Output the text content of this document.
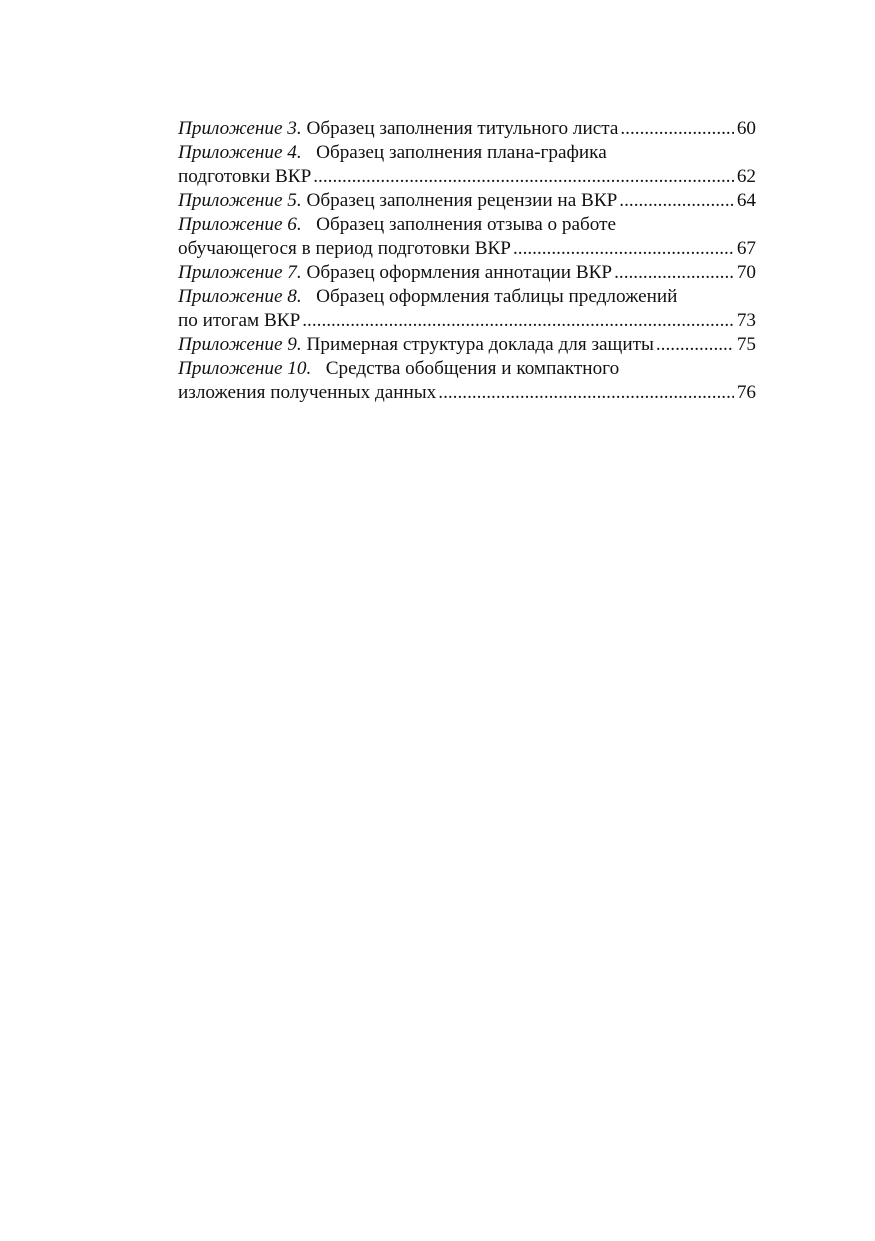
Приложение 3.
Образец заполнения титульного листа .....	60
Приложение 4. Образец заполнения плана-графика
подготовки ВКР .....	62
Приложение 5.
Образец заполнения рецензии на ВКР .....	64
Приложение 6. Образец заполнения отзыва о работе
обучающегося в период подготовки ВКР .....	67
Приложение 7.
Образец оформления аннотации ВКР .....	70
Приложение 8. Образец оформления таблицы предложений
по итогам ВКР .....	73
Приложение 9.
Примерная структура доклада для защиты .....	75
Приложение 10. Средства обобщения и компактного
изложения полученных данных .....	76
